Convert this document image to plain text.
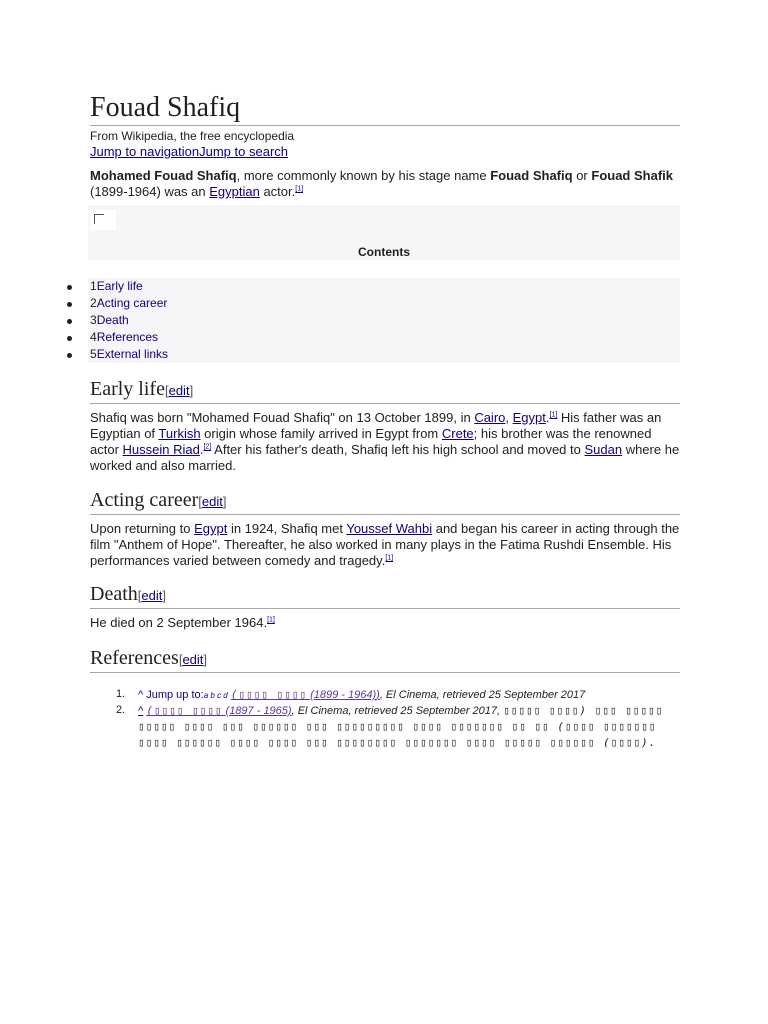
Fouad Shafiq
From Wikipedia, the free encyclopedia
Jump to navigationJump to search

Mohamed Fouad Shafiq, more commonly known by his stage name Fouad Shafiq or Fouad Shafik (1899-1964) was an Egyptian actor.[1]

Contents
1Early life
2Acting career
3Death
4References
5External links
Early life[edit]

Shafiq was born "Mohamed Fouad Shafiq" on 13 October 1899, in Cairo, Egypt.[1] His father was an Egyptian of Turkish origin whose family arrived in Egypt from Crete; his brother was the renowned actor Hussein Riad.[2] After his father's death, Shafiq left his high school and moved to Sudan where he worked and also married.

Acting career[edit]

Upon returning to Egypt in 1924, Shafiq met Youssef Wahbi and began his career in acting through the film "Anthem of Hope". Thereafter, he also worked in many plays in the Fatima Rushdi Ensemble. His performances varied between comedy and tragedy.[1]

Death[edit]

He died on 2 September 1964.[1]

References[edit]
1. ^ Jump up to:a b c d (▯▯▯▯ ▯▯▯▯ (1899 - 1964)), El Cinema, retrieved 25 September 2017
2. ^ (▯▯▯▯ ▯▯▯▯ (1897 - 1965), El Cinema, retrieved 25 September 2017, ▯▯▯▯▯ ▯▯▯▯) ▯▯▯ ▯▯▯▯▯ ▯▯▯▯▯ ▯▯▯▯ ▯▯▯ ▯▯▯▯▯▯ ▯▯▯ ▯▯▯▯▯▯▯▯▯ ▯▯▯▯ ▯▯▯▯▯▯▯ ▯▯ ▯▯ (▯▯▯▯ ▯▯▯▯▯▯▯ ▯▯▯▯ ▯▯▯▯▯▯ ▯▯▯▯ ▯▯▯▯ ▯▯▯ ▯▯▯▯▯▯▯▯ ▯▯▯▯▯▯▯ ▯▯▯▯ ▯▯▯▯▯ ▯▯▯▯▯▯ (▯▯▯▯).
